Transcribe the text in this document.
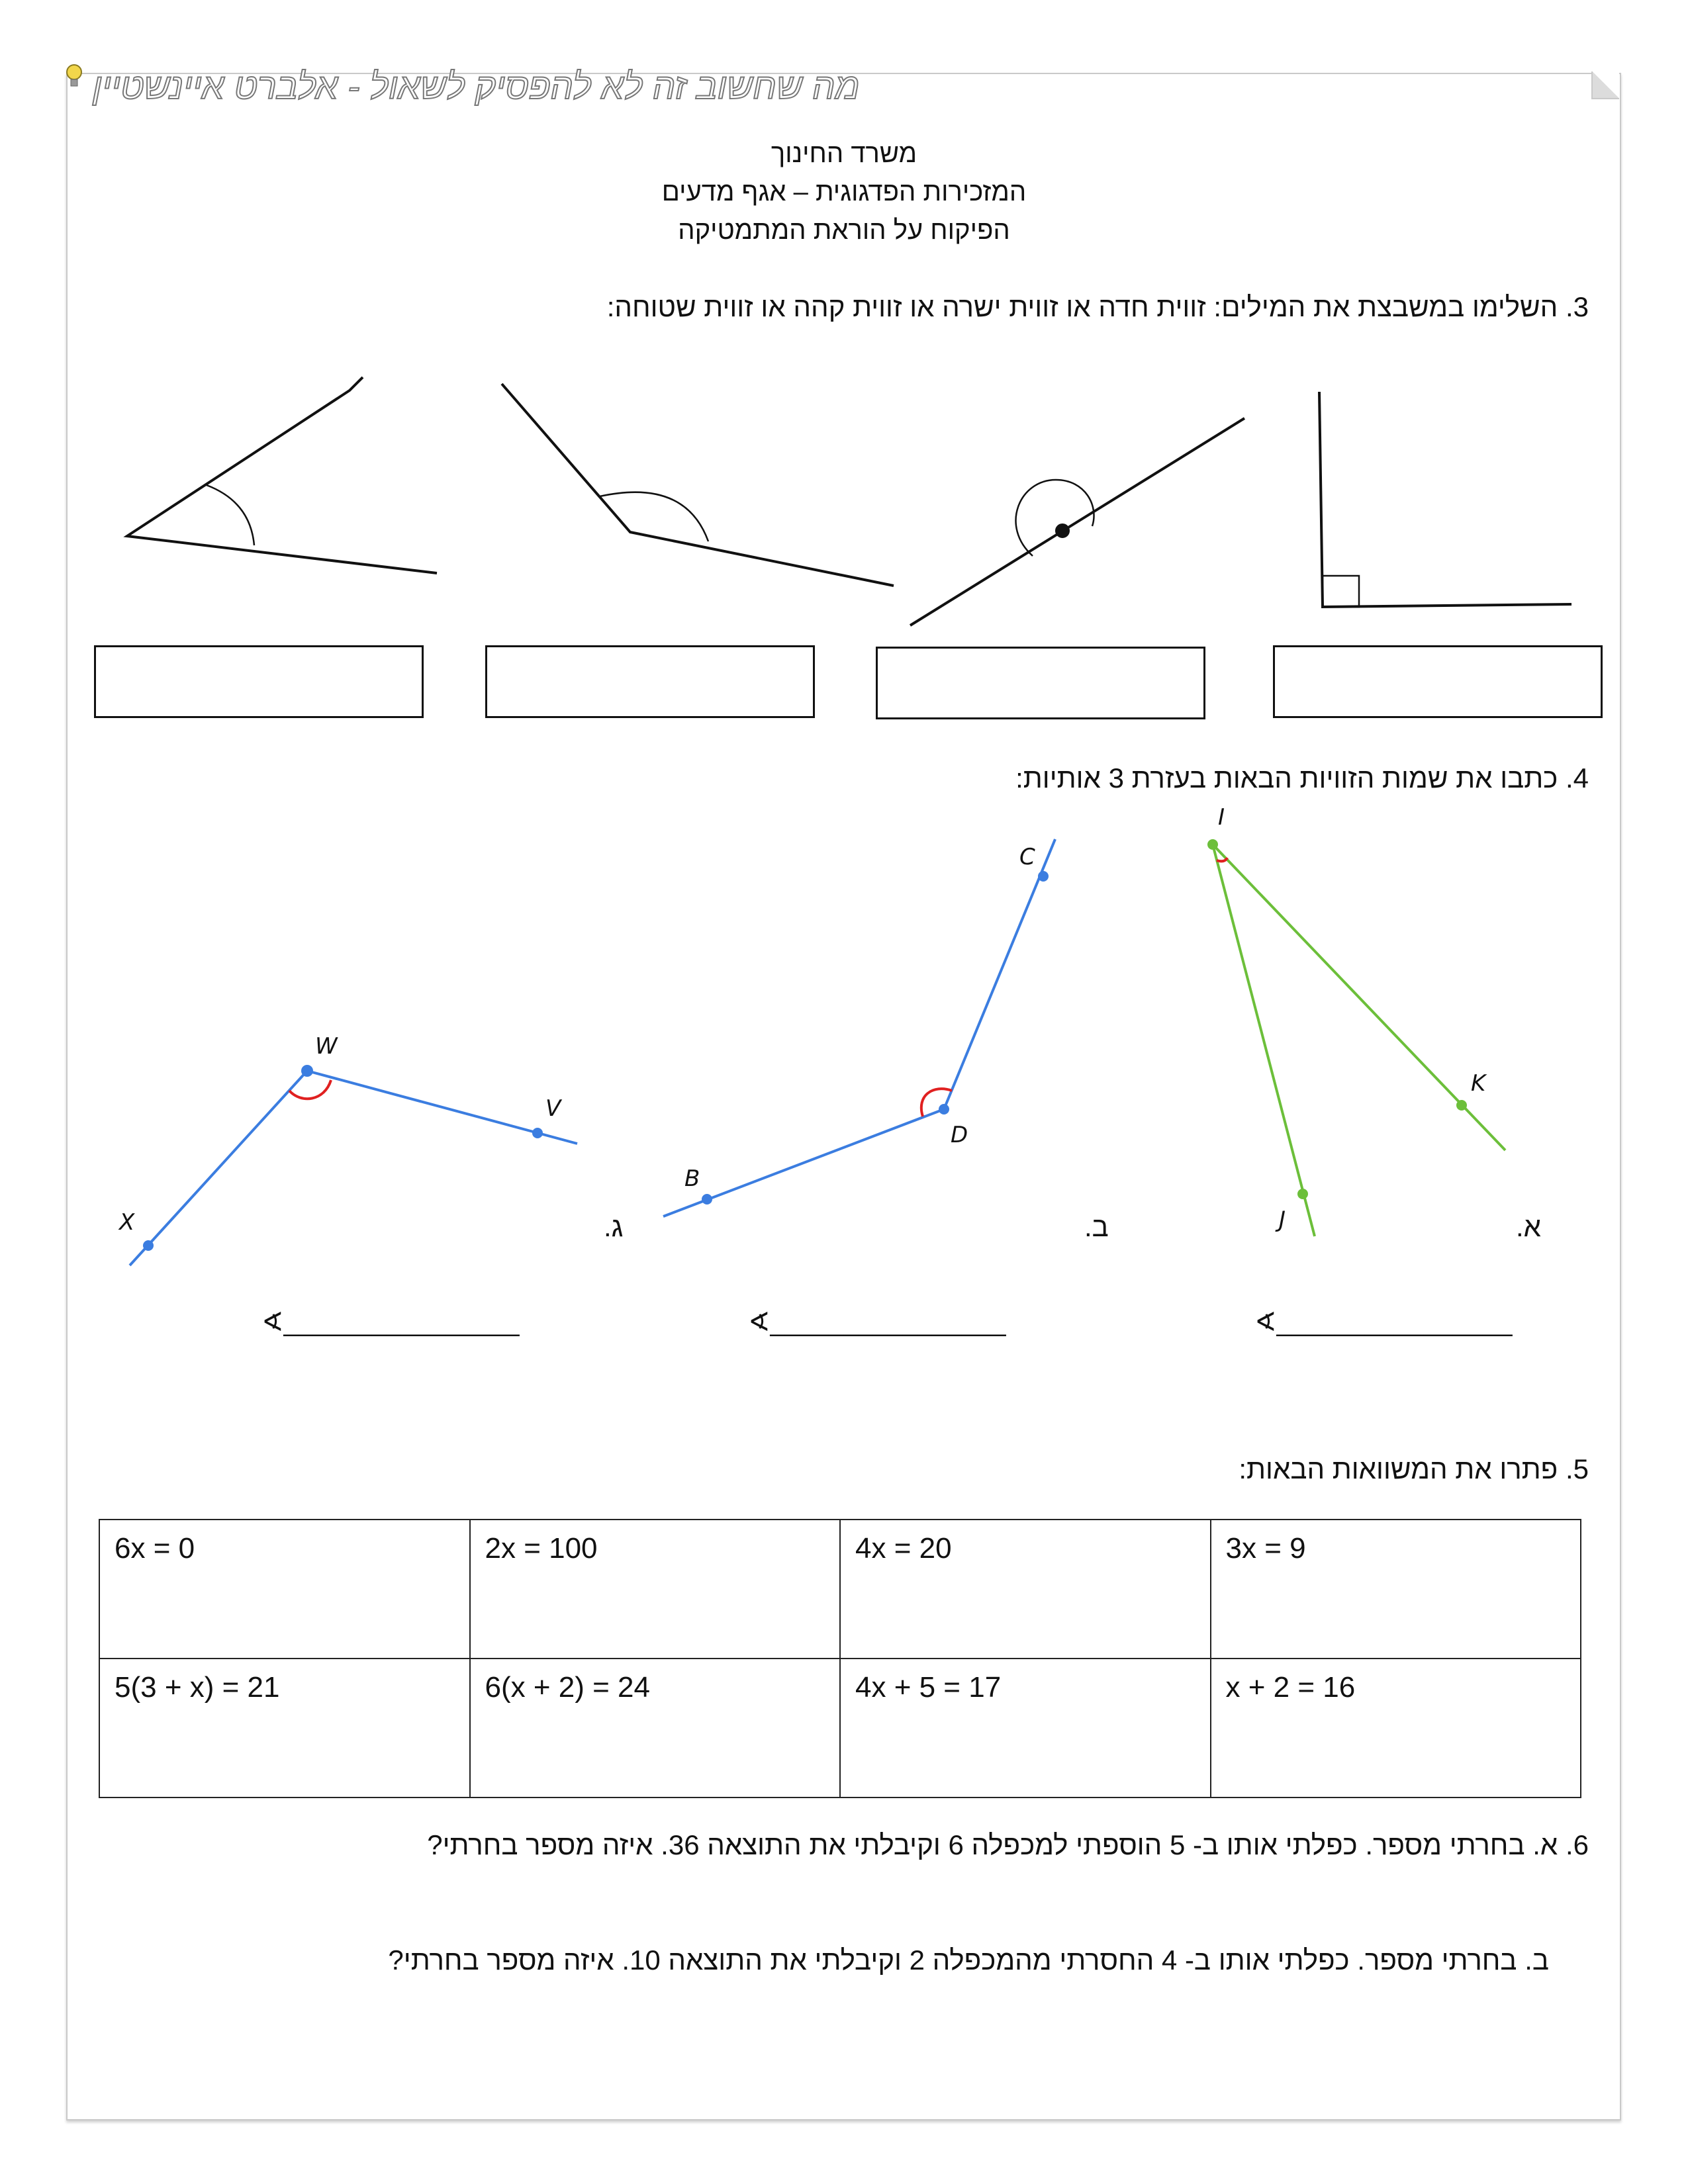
מה שחשוב זה לא להפסיק לשאול - אלברט איינשטיין
משרד החינוך
המזכירות הפדגוגית – אגף מדעים
הפיקוח על הוראת המתמטיקה
3. השלימו במשבצת את המילים: זווית חדה או זווית ישרה או זווית קהה או זווית שטוחה:
4. כתבו את שמות הזוויות הבאות בעזרת 3 אותיות:
I
K
J
C
D
B
W
V
X	א.
ב.
ג.
∢________________
∢________________
∢________________
5. פתרו את המשוואות הבאות:
6x = 0	2x = 100	4x = 20	3x = 9
5(3 + x) = 21	6(x + 2) = 24	4x + 5 = 17	x + 2 = 16
6. א. בחרתי מספר. כפלתי אותו ב- 5 הוספתי למכפלה 6 וקיבלתי את התוצאה 36. איזה מספר בחרתי?
ב. בחרתי מספר. כפלתי אותו ב- 4 החסרתי מהמכפלה 2 וקיבלתי את התוצאה 10. איזה מספר בחרתי?
